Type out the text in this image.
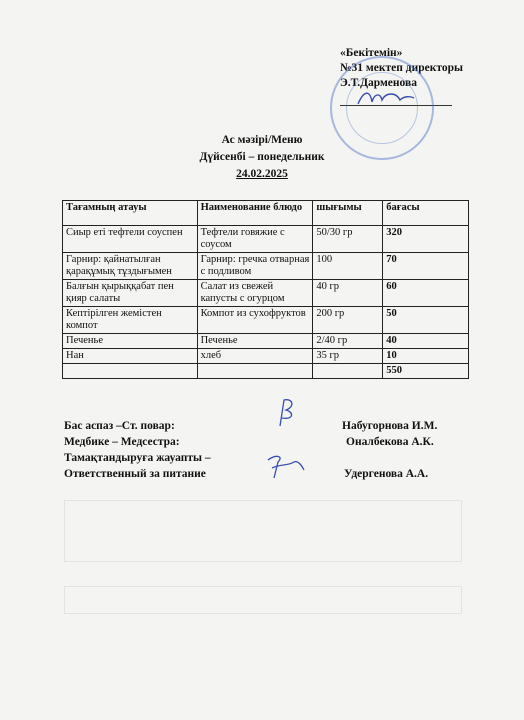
«Бекітемін»
№31 мектеп директоры
Э.Т.Дарменова
Ас мәзірі/Меню
Дүйсенбі – понедельник
24.02.2025
Тағамның атауы	Наименование блюдо	шығымы	бағасы
Сиыр еті тефтели соуспен	Тефтели говяжие с соусом	50/30 гр	320
Гарнир: қайнатылған қарақұмық тұздығымен	Гарнир: гречка отварная с подливом	100	70
Балғын қырыққабат пен қияр салаты	Салат из свежей капусты с огурцом	40 гр	60
Кептірілген жемістен компот	Компот из сухофруктов	200 гр	50
Печенье	Печенье	2/40 гр	40
Нан	хлеб	35 гр	10
			550
Бас аспаз –Ст. повар:	Набугорнова И.М.
Медбике – Медсестра:	Оналбекова А.К.
Тамақтандыруға жауапты –
Ответственный за питание	Удергенова А.А.
